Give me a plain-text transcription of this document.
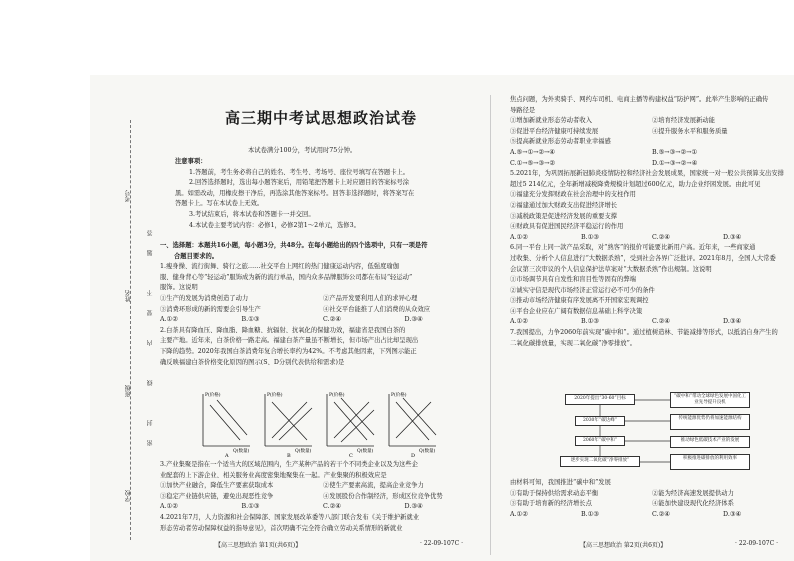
考号
姓名
班级
学校
答
题
不
要
内
线
封
密
高三期中考试思想政治试卷
本试卷满分100分，考试用时75分钟。

注意事项：

1.答题前，考生务必将自己的姓名、考生号、考场号、座位号填写在答题卡上。

2.回答选择题时，选出每小题答案后，用铅笔把答题卡上对应题目的答案标号涂

黑。如需改动，用橡皮擦干净后，再选涂其他答案标号。回答非选择题时，将答案写在

答题卡上。写在本试卷上无效。

3.考试结束后，将本试卷和答题卡一并交回。

4.本试卷主要考试内容：必修1，必修2第1～2单元，选修3。

一、选择题：本题共16小题，每小题3分，共48分。在每小题给出的四个选项中，只有一项是符

合题目要求的。

1.瘦身操、流行街舞、骑行之旅……社交平台上网红的热门健康运动内容，低强度瑜伽

服、健身背心等“轻运动”服饰成为新的流行单品，国内众多品牌服饰公司都在布局“轻运动”

服饰。这说明

①生产的发展为消费创造了动力	②产品开发要利用人们的求异心理
③消费环形成的新的需要会引导生产	④社交平台能推了人们消费的从众效应
A.①②	B.①③	C.②④	D.③④

2.白茶具有降血压、降血脂、降血糖、抗辐射、抗氧化的保健功效，福建省是我国白茶的

主要产地。近年来，白茶价格一路走高。福建白茶产量虽不断增长，但市场产出占比却呈现出

下降的趋势。2020年我国白茶消费年复合增长率约为42%。不考虑其他因素，下列图示能正

确反映福建白茶价格变化原因的图示(S、D分别代表供给和需求)是

P(价格)
Q(数量)
A
P(价格)
Q(数量)
B
P(价格)
Q(数量)
C
P(价格)
Q(数量)
D

3.产业集聚是指在一个适当大的区域范围内，生产某种产品的若干个不同类企业以及为这些企

业配套的上下游企业、相关服务业高度密集地聚集在一起。产业集聚的积极效应是

①加快产业融合，降低生产要素获取成本	②使生产要素高流，提高企业竞争力
③稳定产业链供应链，避免出现恶性竞争	④发展股份合作制经济，形成区位竞争优势
A.①②	B.①③	C.②④	D.③④

4.2021年7月，人力资源和社会保障部、国家发展改革委等八部门联合发布《关于维护新就业

形态劳动者劳动保障权益的指导意见》，首次明确不完全符合确立劳动关系情形的新就业

焦点问题，为外卖骑手、网约车司机、电商主播等构建权益“防护网”。此举产生影响的正确传

导路径是

①增加新就业形态劳动者收入	②培育经济发展新动能
③促进平台经济健康可持续发展	④提升服务水平和服务质量

⑤提高新就业形态劳动者职业幸福感

A.⑤→①→②→④	B.⑤→③→②→①
C.①→⑤→③→②	D.①→③→②→④

5.2021年，为巩固拓展新冠肺炎疫情防控和经济社会发展成果，国家统一对一般公共预算支出安排

超过5 214亿元，全年新增减税降费规模计划超过600亿元，助力企业纾困发展。由此可见

①福建充分发挥财政在社会治理中的支柱作用

②福建通过加大财政支出促进经济增长

③减税政策是促进经济发展的重要支撑

④财政具有促进国民经济平稳运行的作用

A.①②	B.①③	C.②④	D.③④

6.同一平台上同一款产品采取，对“熟客”的报价可能要比新用户高。近年来，一些商家通

过收集、分析个人信息进行“大数据杀熟”，受到社会各界广泛批评。2021年8月，全国人大常委

会议第三次审议的个人信息保护法草案对“大数据杀熟”作出规制。这说明

①市场调节具有自发性和盲目性等固有的弊端

②诚实守信是现代市场经济正常运行必不可少的条件

③推动市场经济健康有序发展离不开国家宏观调控

④平台企业应在广阔有数据信息基础上科学决策

A.①②	B.①③	C.②④	D.③④

7.我国提出，力争2060年前实现“碳中和”。通过植树造林、节能减排等形式，以抵消自身产生的

二氧化碳排放量，实现二氧化碳“净零排放”。

2020年提出“30·60”目标
2030年“碳达峰”
2060年“碳中和”
逐步实现二氧化碳“净零排放”
“碳中和”带动全球绿色发展中国化工业先导提升良机
传统能源优势仍将加速能源结构
推动绿色低碳技术产业的发展
积极推进碳排放的利用效率

由材料可知，我国推进“碳中和”发展

①有助于保持供给需求动态平衡	②能为经济高速发展提供动力
③有助于培育新的经济增长点	④能加快建设现代化经济体系
A.①②	B.①③	C.②④	D.③④
【高三思想政治 第1页(共6页)】	· 22-09-107C ·	【高三思想政治 第2页(共6页)】	· 22-09-107C ·
